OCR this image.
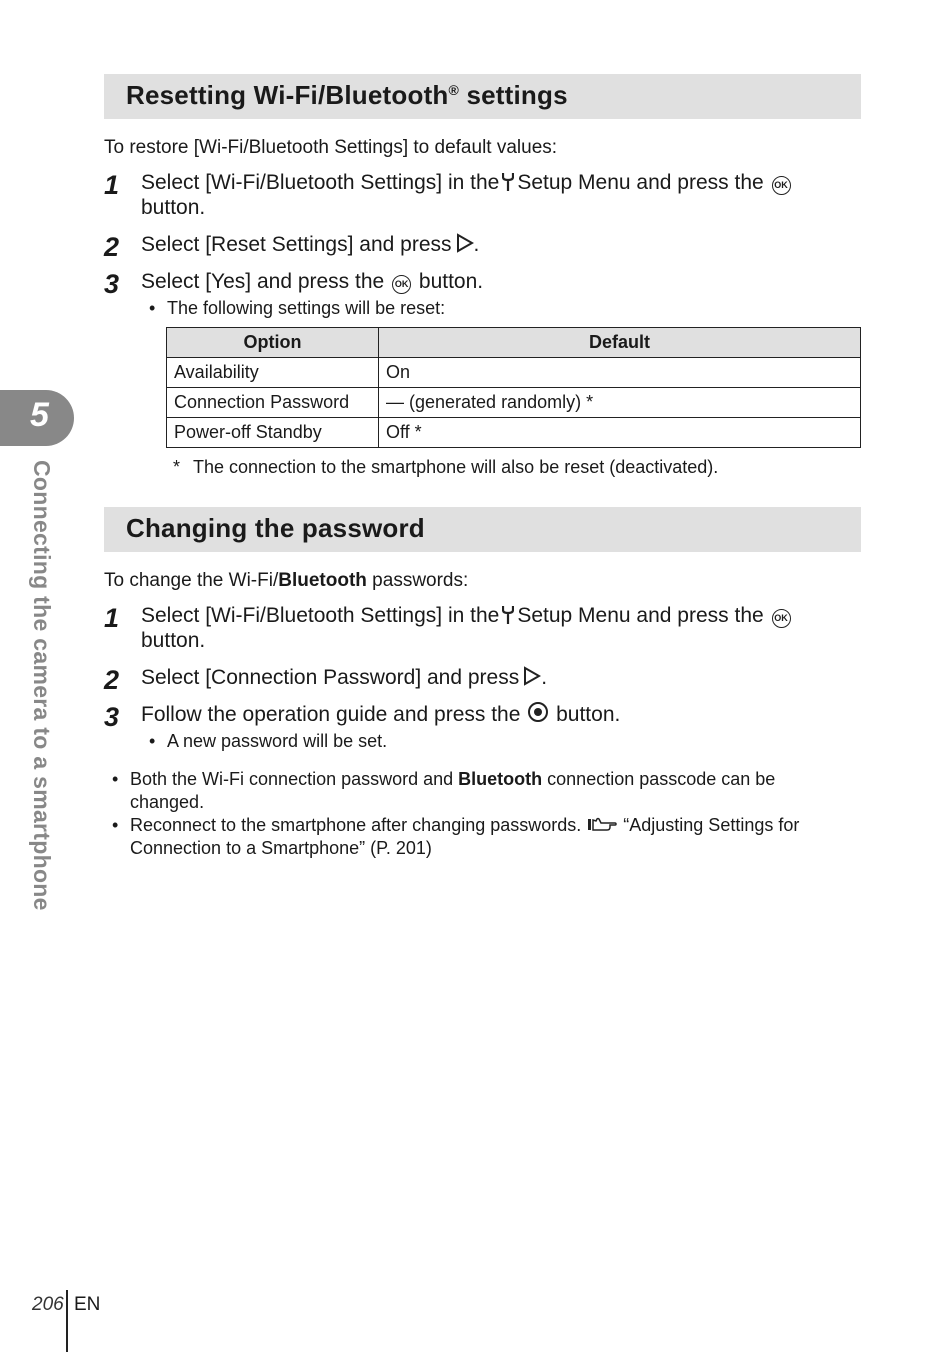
Resetting Wi-Fi/Bluetooth® settings
To restore [Wi-Fi/Bluetooth Settings] to default values:
1 Select [Wi-Fi/Bluetooth Settings] in the Setup Menu and press the OK
button.
2 Select [Reset Settings] and press .
3 Select [Yes] and press the OK button.
• The following settings will be reset:
Option	Default
Availability	On
Connection Password	— (generated randomly) *
Power-off Standby	Off *
* The connection to the smartphone will also be reset (deactivated).
Changing the password
To change the Wi-Fi/Bluetooth passwords:
1 Select [Wi-Fi/Bluetooth Settings] in the Setup Menu and press the OK
button.
2 Select [Connection Password] and press .
3 Follow the operation guide and press the button.
• A new password will be set.
• Both the Wi-Fi connection password and Bluetooth connection passcode can be
changed.
• Reconnect to the smartphone after changing passwords. “Adjusting Settings for
Connection to a Smartphone” (P. 201)
5
Connecting the camera to a smartphone
206 EN
